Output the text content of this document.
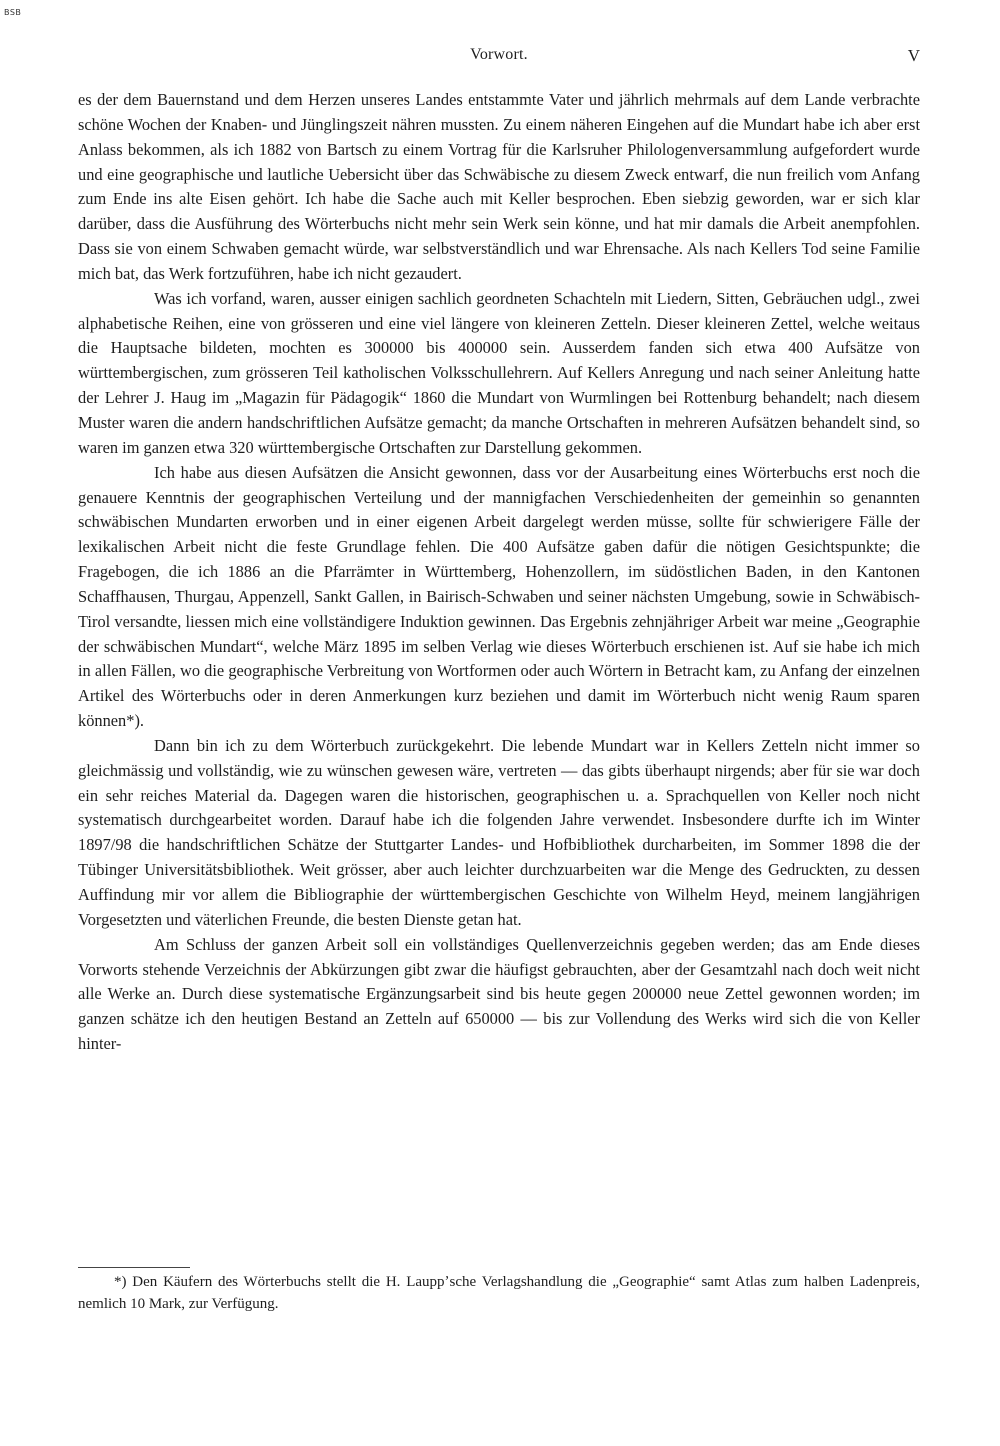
BSB
Vorwort.	V

es der dem Bauernstand und dem Herzen unseres Landes entstammte Vater und jährlich mehrmals auf dem Lande verbrachte schöne Wochen der Knaben- und Jünglingszeit nähren mussten. Zu einem näheren Eingehen auf die Mundart habe ich aber erst Anlass bekommen, als ich 1882 von Bartsch zu einem Vortrag für die Karlsruher Philologenversammlung aufgefordert wurde und eine geographische und lautliche Uebersicht über das Schwäbische zu diesem Zweck entwarf, die nun freilich vom Anfang zum Ende ins alte Eisen gehört. Ich habe die Sache auch mit Keller besprochen. Eben siebzig geworden, war er sich klar darüber, dass die Ausführung des Wörterbuchs nicht mehr sein Werk sein könne, und hat mir damals die Arbeit anempfohlen. Dass sie von einem Schwaben gemacht würde, war selbstverständlich und war Ehrensache. Als nach Kellers Tod seine Familie mich bat, das Werk fortzuführen, habe ich nicht gezaudert.

Was ich vorfand, waren, ausser einigen sachlich geordneten Schachteln mit Liedern, Sitten, Gebräuchen udgl., zwei alphabetische Reihen, eine von grösseren und eine viel längere von kleineren Zetteln. Dieser kleineren Zettel, welche weitaus die Hauptsache bildeten, mochten es 300000 bis 400000 sein. Ausserdem fanden sich etwa 400 Aufsätze von württembergischen, zum grösseren Teil katholischen Volksschullehrern. Auf Kellers Anregung und nach seiner Anleitung hatte der Lehrer J. Haug im „Magazin für Pädagogik“ 1860 die Mundart von Wurmlingen bei Rottenburg behandelt; nach diesem Muster waren die andern handschriftlichen Aufsätze gemacht; da manche Ortschaften in mehreren Aufsätzen behandelt sind, so waren im ganzen etwa 320 württembergische Ortschaften zur Darstellung gekommen.

Ich habe aus diesen Aufsätzen die Ansicht gewonnen, dass vor der Ausarbeitung eines Wörterbuchs erst noch die genauere Kenntnis der geographischen Verteilung und der mannigfachen Verschiedenheiten der gemeinhin so genannten schwäbischen Mundarten erworben und in einer eigenen Arbeit dargelegt werden müsse, sollte für schwierigere Fälle der lexikalischen Arbeit nicht die feste Grundlage fehlen. Die 400 Aufsätze gaben dafür die nötigen Gesichtspunkte; die Fragebogen, die ich 1886 an die Pfarrämter in Württemberg, Hohenzollern, im südöstlichen Baden, in den Kantonen Schaffhausen, Thurgau, Appenzell, Sankt Gallen, in Bairisch-Schwaben und seiner nächsten Umgebung, sowie in Schwäbisch-Tirol versandte, liessen mich eine vollständigere Induktion gewinnen. Das Ergebnis zehnjähriger Arbeit war meine „Geographie der schwäbischen Mundart“, welche März 1895 im selben Verlag wie dieses Wörterbuch erschienen ist. Auf sie habe ich mich in allen Fällen, wo die geographische Verbreitung von Wortformen oder auch Wörtern in Betracht kam, zu Anfang der einzelnen Artikel des Wörterbuchs oder in deren Anmerkungen kurz beziehen und damit im Wörterbuch nicht wenig Raum sparen können*).

Dann bin ich zu dem Wörterbuch zurückgekehrt. Die lebende Mundart war in Kellers Zetteln nicht immer so gleichmässig und vollständig, wie zu wünschen gewesen wäre, vertreten — das gibts überhaupt nirgends; aber für sie war doch ein sehr reiches Material da. Dagegen waren die historischen, geographischen u. a. Sprachquellen von Keller noch nicht systematisch durchgearbeitet worden. Darauf habe ich die folgenden Jahre verwendet. Insbesondere durfte ich im Winter 1897/98 die handschriftlichen Schätze der Stuttgarter Landes- und Hofbibliothek durcharbeiten, im Sommer 1898 die der Tübinger Universitätsbibliothek. Weit grösser, aber auch leichter durchzuarbeiten war die Menge des Gedruckten, zu dessen Auffindung mir vor allem die Bibliographie der württembergischen Geschichte von Wilhelm Heyd, meinem langjährigen Vorgesetzten und väterlichen Freunde, die besten Dienste getan hat.

Am Schluss der ganzen Arbeit soll ein vollständiges Quellenverzeichnis gegeben werden; das am Ende dieses Vorworts stehende Verzeichnis der Abkürzungen gibt zwar die häufigst gebrauchten, aber der Gesamtzahl nach doch weit nicht alle Werke an. Durch diese systematische Ergänzungsarbeit sind bis heute gegen 200000 neue Zettel gewonnen worden; im ganzen schätze ich den heutigen Bestand an Zetteln auf 650000 — bis zur Vollendung des Werks wird sich die von Keller hinter-

*) Den Käufern des Wörterbuchs stellt die H. Lauppʼsche Verlagshandlung die „Geographie“ samt Atlas zum halben Ladenpreis, nemlich 10 Mark, zur Verfügung.
